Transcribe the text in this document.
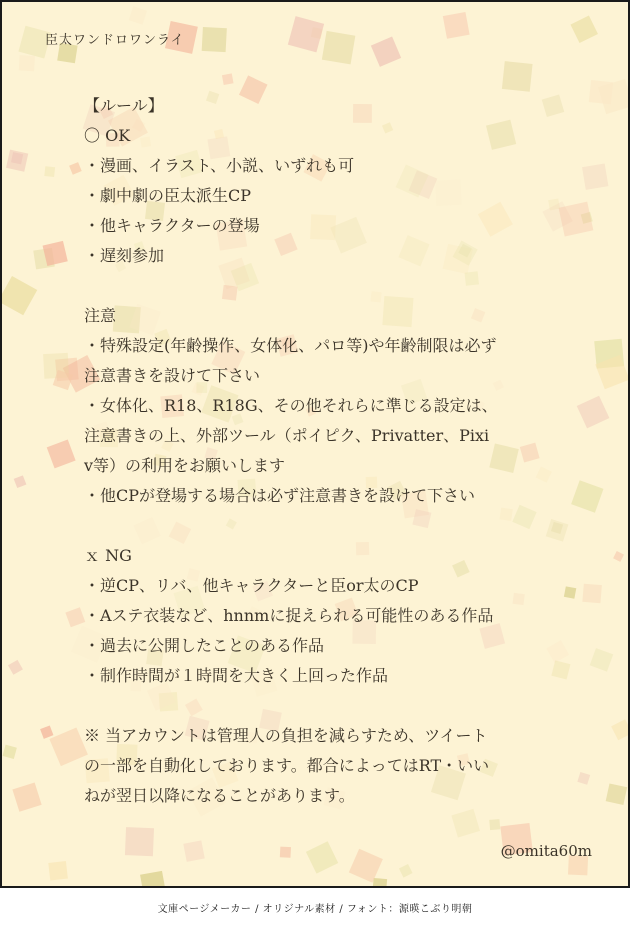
臣太ワンドロワンライ
【ルール】
〇 OK
・漫画、イラスト、小説、いずれも可
・劇中劇の臣太派生CP
・他キャラクターの登場
・遅刻参加
注意
・特殊設定(年齢操作、女体化、パロ等)や年齢制限は必ず
注意書きを設けて下さい
・女体化、R18、R18G、その他それらに準じる設定は、
注意書きの上、外部ツール（ポイピク、Privatter、Pixi
v等）の利用をお願いします
・他CPが登場する場合は必ず注意書きを設けて下さい
ｘ NG
・逆CP、リバ、他キャラクターと臣or太のCP
・Aステ衣装など、hnnmに捉えられる可能性のある作品
・過去に公開したことのある作品
・制作時間が１時間を大きく上回った作品
※ 当アカウントは管理人の負担を減らすため、ツイート
の一部を自動化しております。都合によってはRT・いい
ねが翌日以降になることがあります。
@omita60m
文庫ページメーカー / オリジナル素材 / フォント：源暎こぶり明朝
